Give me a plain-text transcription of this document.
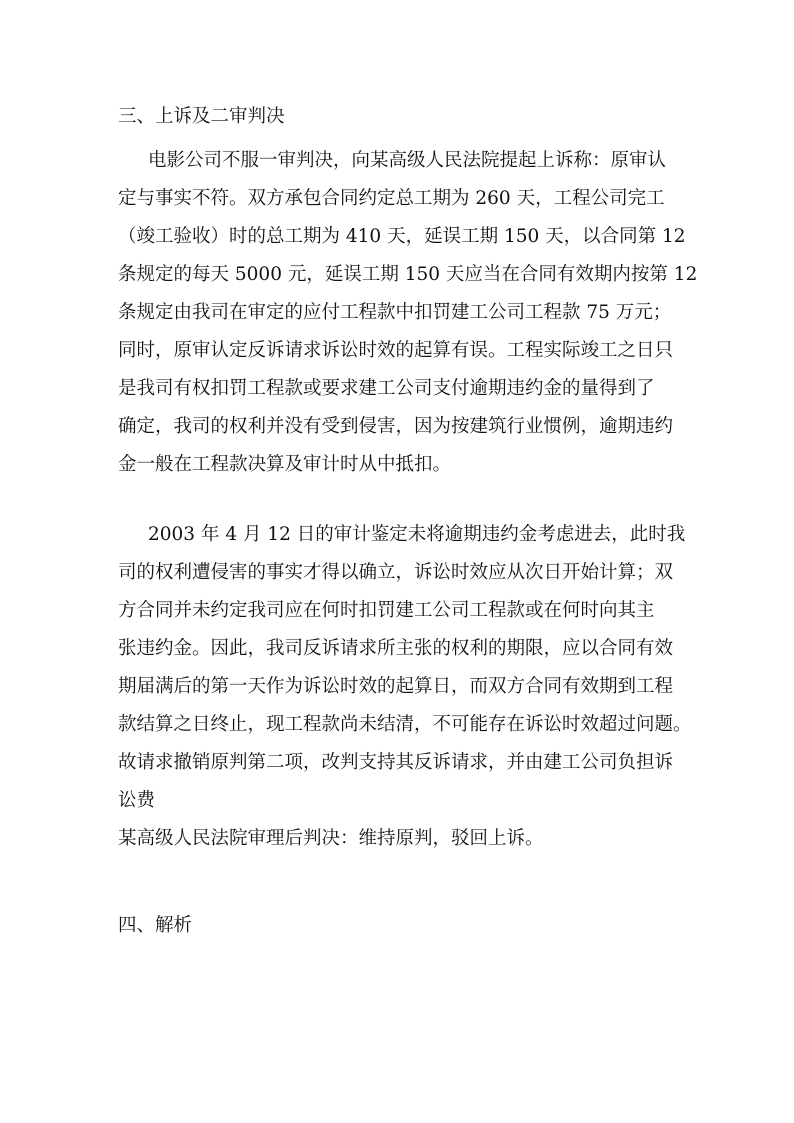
三、上诉及二审判决
电影公司不服一审判决，向某高级人民法院提起上诉称：原审认
定与事实不符。双方承包合同约定总工期为 260 天，工程公司完工
（竣工验收）时的总工期为 410 天，延误工期 150 天，以合同第 12
条规定的每天 5000 元，延误工期 150 天应当在合同有效期内按第 12
条规定由我司在审定的应付工程款中扣罚建工公司工程款 75 万元；
同时，原审认定反诉请求诉讼时效的起算有误。工程实际竣工之日只
是我司有权扣罚工程款或要求建工公司支付逾期违约金的量得到了
确定，我司的权利并没有受到侵害，因为按建筑行业惯例，逾期违约
金一般在工程款决算及审计时从中抵扣。
2003 年 4 月 12 日的审计鉴定未将逾期违约金考虑进去，此时我
司的权利遭侵害的事实才得以确立，诉讼时效应从次日开始计算；双
方合同并未约定我司应在何时扣罚建工公司工程款或在何时向其主
张违约金。因此，我司反诉请求所主张的权利的期限，应以合同有效
期届满后的第一天作为诉讼时效的起算日，而双方合同有效期到工程
款结算之日终止，现工程款尚未结清，不可能存在诉讼时效超过问题。
故请求撤销原判第二项，改判支持其反诉请求，并由建工公司负担诉
讼费
某高级人民法院审理后判决：维持原判，驳回上诉。
四、解析
